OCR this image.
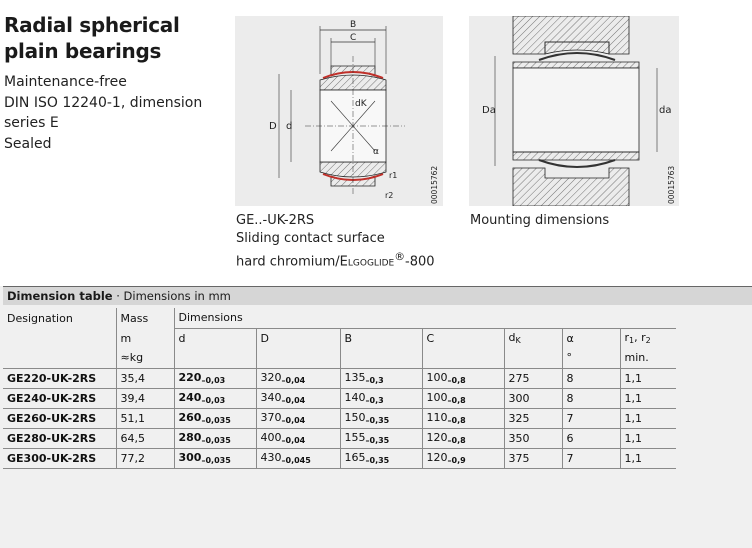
Radial spherical
plain bearings
Maintenance-free
DIN ISO 12240-1, dimension
series E
Sealed
B
C
D d
dK
α
r1
r2	00015762
Da	da
00015763
GE..-UK-2RS
Sliding contact surface
hard chromium/Elgoglide®-800
Mounting dimensions
Dimension table · Dimensions in mm
Designation	Mass	Dimensions						
	m	d	D	B	C	$d_K$	α	$r_1$, $r_2$
	≈kg						°	min.
GE220-UK-2RS	35,4	$220_{-0,03}$	$320_{-0,04}$	$135_{-0,3}$	$100_{-0,8}$	275	8	1,1
GE240-UK-2RS	39,4	$240_{-0,03}$	$340_{-0,04}$	$140_{-0,3}$	$100_{-0,8}$	300	8	1,1
GE260-UK-2RS	51,1	$260_{-0,035}$	$370_{-0,04}$	$150_{-0,35}$	$110_{-0,8}$	325	7	1,1
GE280-UK-2RS	64,5	$280_{-0,035}$	$400_{-0,04}$	$155_{-0,35}$	$120_{-0,8}$	350	6	1,1
GE300-UK-2RS	77,2	$300_{-0,035}$	$430_{-0,045}$	$165_{-0,35}$	$120_{-0,9}$	375	7	1,1
